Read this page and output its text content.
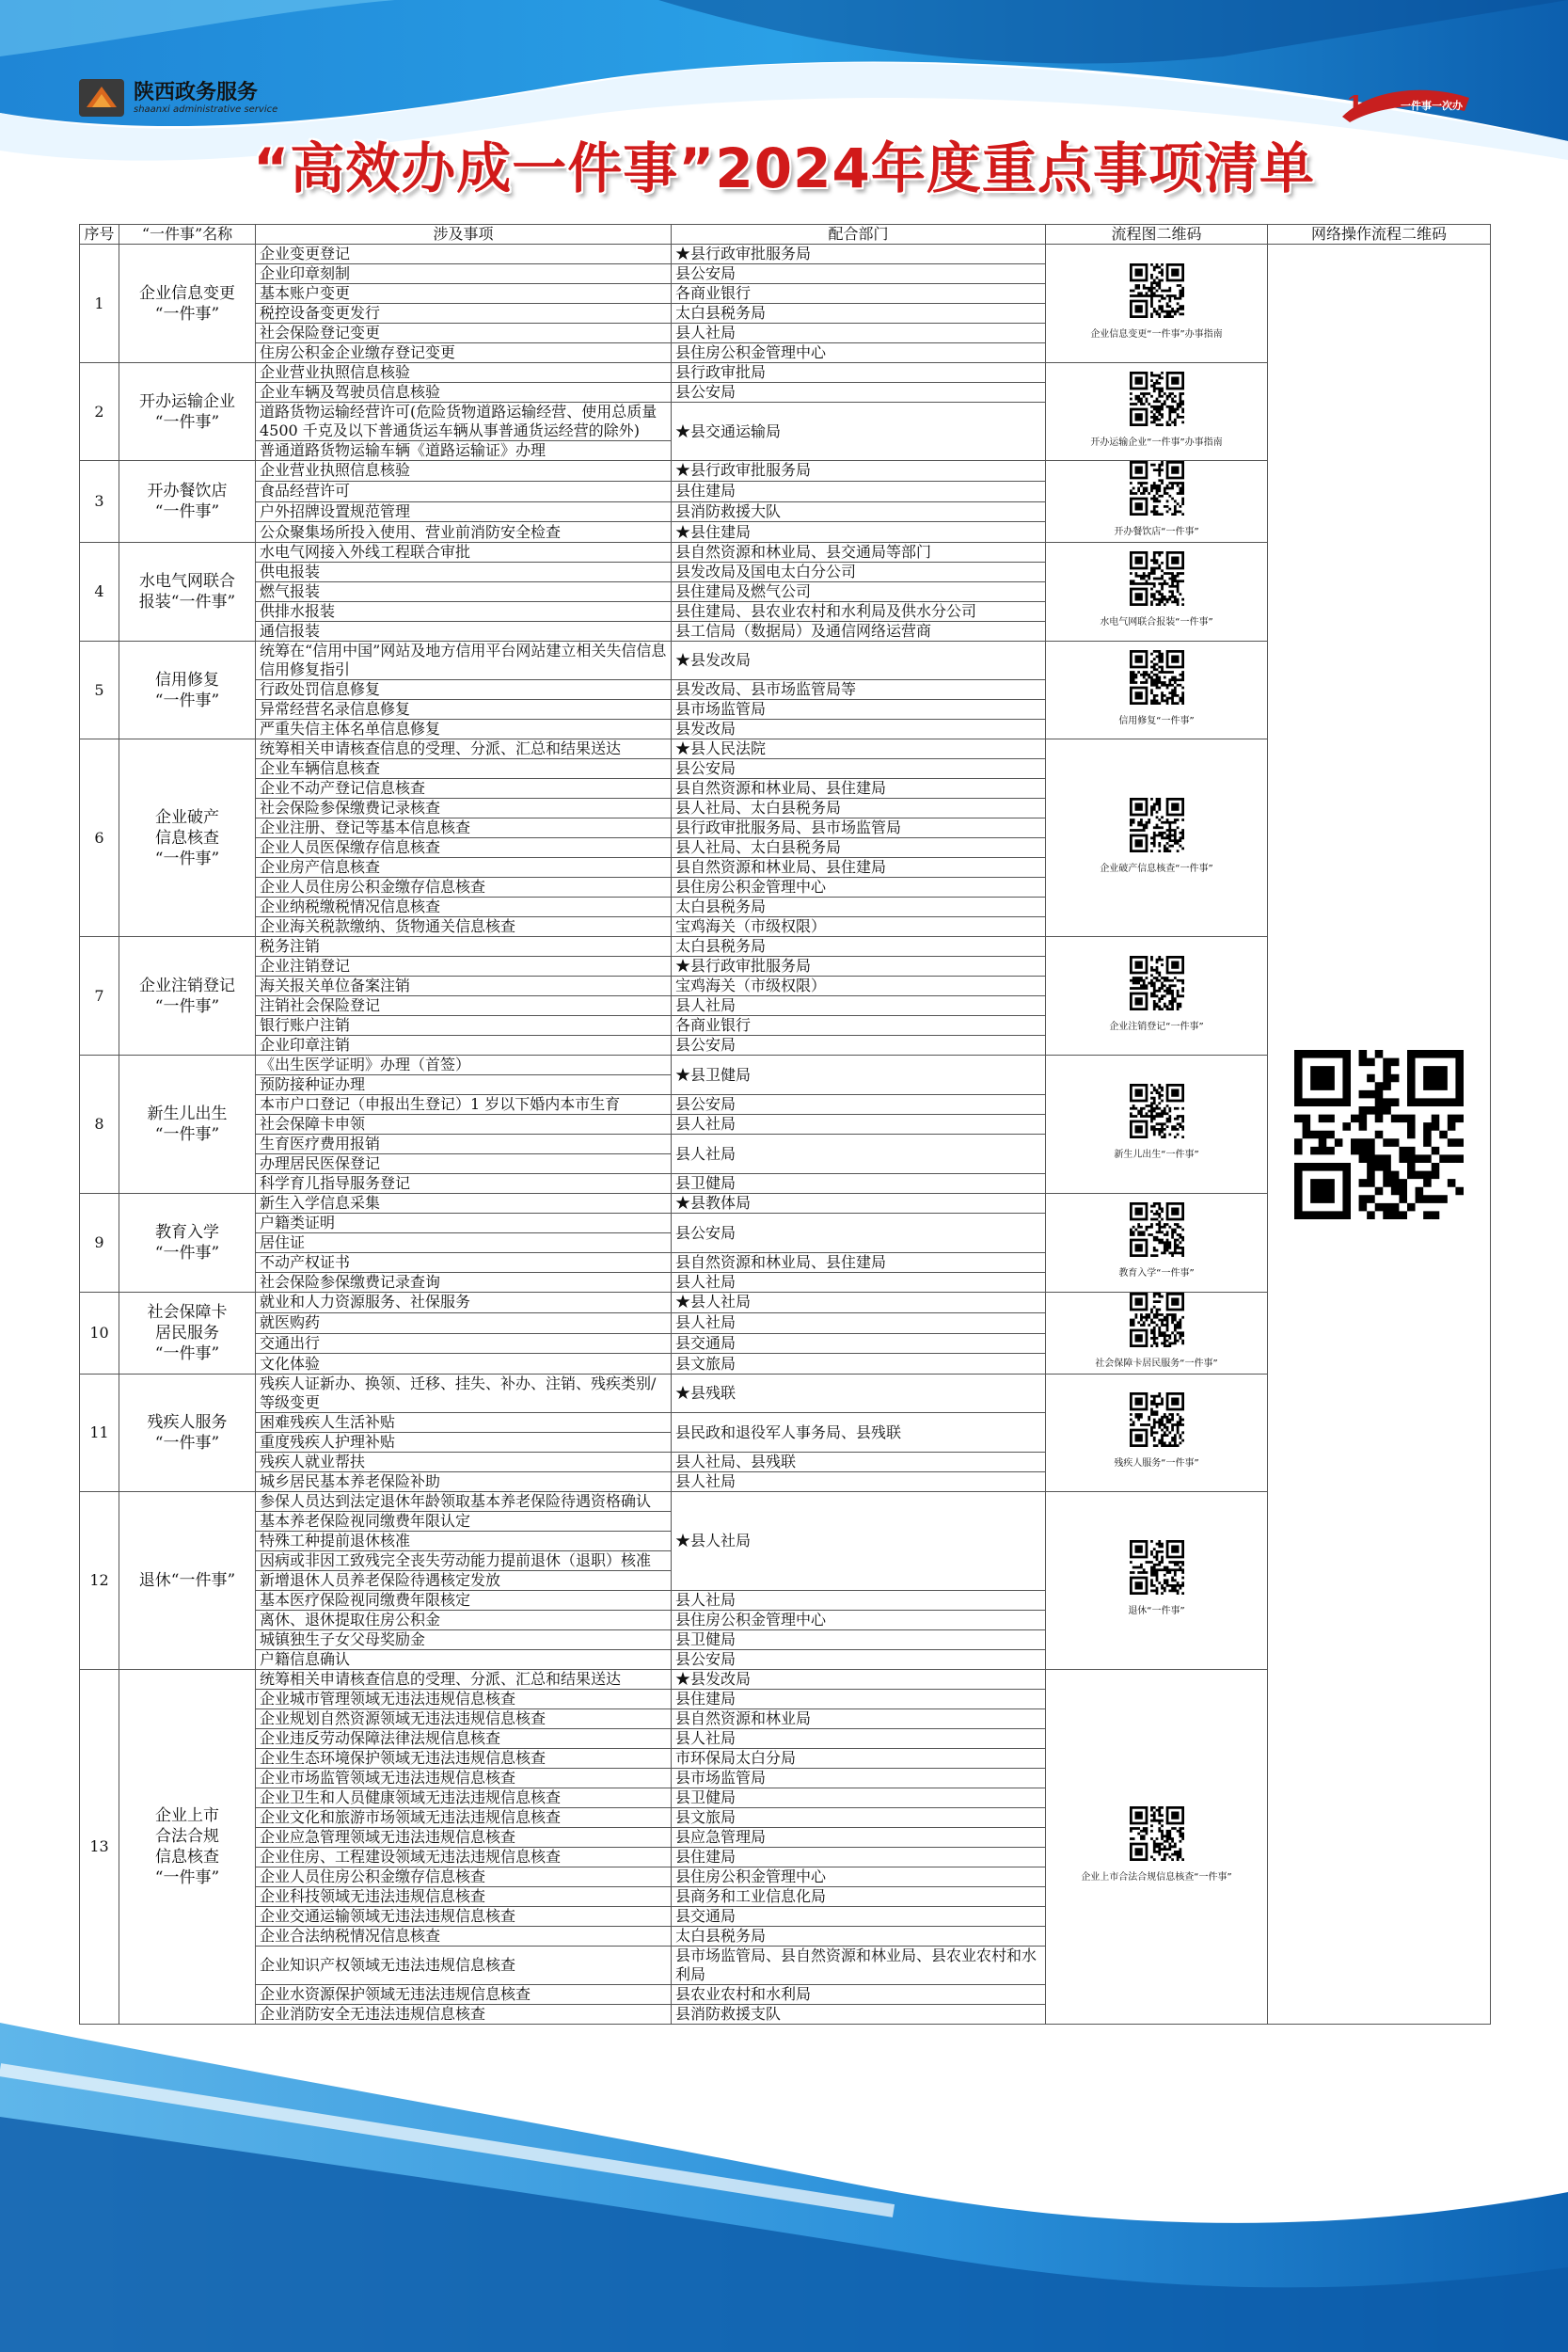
陕西政务服务
shaanxi administrative service	1	一件事一次办
“高效办成一件事”2024年度重点事项清单
序号	“一件事”名称	涉及事项	配合部门	流程图二维码	网络操作流程二维码
1	企业信息变更
“一件事”	企业变更登记	★县行政审批服务局	企业信息变更“一件事”办事指南

		企业印章刻制	县公安局		
		基本账户变更	各商业银行		
		税控设备变更发行	太白县税务局		
		社会保险登记变更	县人社局		
		住房公积金企业缴存登记变更	县住房公积金管理中心		
2	开办运输企业
“一件事”	企业营业执照信息核验	县行政审批局	开办运输企业“一件事”办事指南	

		企业车辆及驾驶员信息核验	县公安局		
		道路货物运输经营许可(危险货物道路运输经营、使用总质量 4500 千克及以下普通货运车辆从事普通货运经营的除外)	★县交通运输局		
		普通道路货物运输车辆《道路运输证》办理			
3	开办餐饮店
“一件事”	企业营业执照信息核验	★县行政审批服务局	开办餐饮店“一件事”	

		食品经营许可	县住建局		
		户外招牌设置规范管理	县消防救援大队		
		公众聚集场所投入使用、营业前消防安全检查	★县住建局		
4	水电气网联合
报装“一件事”	水电气网接入外线工程联合审批	县自然资源和林业局、县交通局等部门	水电气网联合报装“一件事”	

		供电报装	县发改局及国电太白分公司		
		燃气报装	县住建局及燃气公司		
		供排水报装	县住建局、县农业农村和水利局及供水分公司		
		通信报装	县工信局（数据局）及通信网络运营商		
5	信用修复
“一件事”	统筹在“信用中国”网站及地方信用平台网站建立相关失信信息信用修复指引	★县发改局	信用修复“一件事”	

		行政处罚信息修复	县发改局、县市场监管局等		
		异常经营名录信息修复	县市场监管局		
		严重失信主体名单信息修复	县发改局		
6	企业破产
信息核查
“一件事”	统筹相关申请核查信息的受理、分派、汇总和结果送达	★县人民法院	企业破产信息核查“一件事”	

		企业车辆信息核查	县公安局		
		企业不动产登记信息核查	县自然资源和林业局、县住建局		
		社会保险参保缴费记录核查	县人社局、太白县税务局		
		企业注册、登记等基本信息核查	县行政审批服务局、县市场监管局		
		企业人员医保缴存信息核查	县人社局、太白县税务局		
		企业房产信息核查	县自然资源和林业局、县住建局		
		企业人员住房公积金缴存信息核查	县住房公积金管理中心		
		企业纳税缴税情况信息核查	太白县税务局		
		企业海关税款缴纳、货物通关信息核查	宝鸡海关（市级权限）		
7	企业注销登记
“一件事”	税务注销	太白县税务局	企业注销登记“一件事”	

		企业注销登记	★县行政审批服务局		
		海关报关单位备案注销	宝鸡海关（市级权限）		
		注销社会保险登记	县人社局		
		银行账户注销	各商业银行		
		企业印章注销	县公安局		
8	新生儿出生
“一件事”	《出生医学证明》办理（首签）	★县卫健局	新生儿出生“一件事”	

		预防接种证办理			
		本市户口登记（申报出生登记）1 岁以下婚内本市生育	县公安局		
		社会保障卡申领	县人社局		
		生育医疗费用报销	县人社局		
		办理居民医保登记			
		科学育儿指导服务登记	县卫健局		
9	教育入学
“一件事”	新生入学信息采集	★县教体局	教育入学“一件事”	

		户籍类证明	县公安局		
		居住证			
		不动产权证书	县自然资源和林业局、县住建局		
		社会保险参保缴费记录查询	县人社局		
10	社会保障卡
居民服务
“一件事”	就业和人力资源服务、社保服务	★县人社局	社会保障卡居民服务“一件事”	

		就医购药	县人社局		
		交通出行	县交通局		
		文化体验	县文旅局		
11	残疾人服务
“一件事”	残疾人证新办、换领、迁移、挂失、补办、注销、残疾类别/等级变更	★县残联	残疾人服务“一件事”	

		困难残疾人生活补贴	县民政和退役军人事务局、县残联		
		重度残疾人护理补贴			
		残疾人就业帮扶	县人社局、县残联		
		城乡居民基本养老保险补助	县人社局		
12	退休“一件事”	参保人员达到法定退休年龄领取基本养老保险待遇资格确认	★县人社局	退休“一件事”	

		基本养老保险视同缴费年限认定			
		特殊工种提前退休核准			
		因病或非因工致残完全丧失劳动能力提前退休（退职）核准			
		新增退休人员养老保险待遇核定发放			
		基本医疗保险视同缴费年限核定	县人社局		
		离休、退休提取住房公积金	县住房公积金管理中心		
		城镇独生子女父母奖励金	县卫健局		
		户籍信息确认	县公安局		
13	企业上市
合法合规
信息核查
“一件事”	统筹相关申请核查信息的受理、分派、汇总和结果送达	★县发改局	企业上市合法合规信息核查“一件事”	

		企业城市管理领域无违法违规信息核查	县住建局		
		企业规划自然资源领域无违法违规信息核查	县自然资源和林业局		
		企业违反劳动保障法律法规信息核查	县人社局		
		企业生态环境保护领域无违法违规信息核查	市环保局太白分局		
		企业市场监管领域无违法违规信息核查	县市场监管局		
		企业卫生和人员健康领域无违法违规信息核查	县卫健局		
		企业文化和旅游市场领域无违法违规信息核查	县文旅局		
		企业应急管理领域无违法违规信息核查	县应急管理局		
		企业住房、工程建设领域无违法违规信息核查	县住建局		
		企业人员住房公积金缴存信息核查	县住房公积金管理中心		
		企业科技领域无违法违规信息核查	县商务和工业信息化局		
		企业交通运输领域无违法违规信息核查	县交通局		
		企业合法纳税情况信息核查	太白县税务局		
		企业知识产权领域无违法违规信息核查	县市场监管局、县自然资源和林业局、县农业农村和水利局		
		企业水资源保护领域无违法违规信息核查	县农业农村和水利局		
		企业消防安全无违法违规信息核查	县消防救援支队		
